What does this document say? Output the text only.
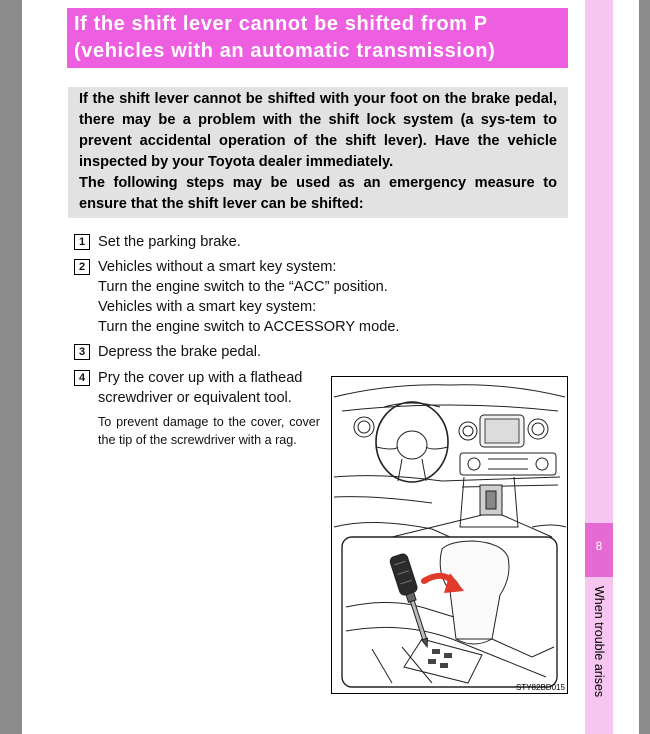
8
When trouble arises
If the shift lever cannot be shifted from P
(vehicles with an automatic transmission)

If the shift lever cannot be shifted with your foot on the brake pedal, there may be a problem with the shift lock system (a sys-tem to prevent accidental operation of the shift lever). Have the vehicle inspected by your Toyota dealer immediately.

The following steps may be used as an emergency measure to ensure that the shift lever can be shifted:

1 Set the parking brake.
2 Vehicles without a smart key system:
Turn the engine switch to the “ACC” position.
Vehicles with a smart key system:
Turn the engine switch to ACCESSORY mode.
3 Depress the brake pedal.
4 Pry the cover up with a flathead
screwdriver or equivalent tool.
To prevent damage to the cover, cover the tip of the screwdriver with a rag.
STY82BD015
